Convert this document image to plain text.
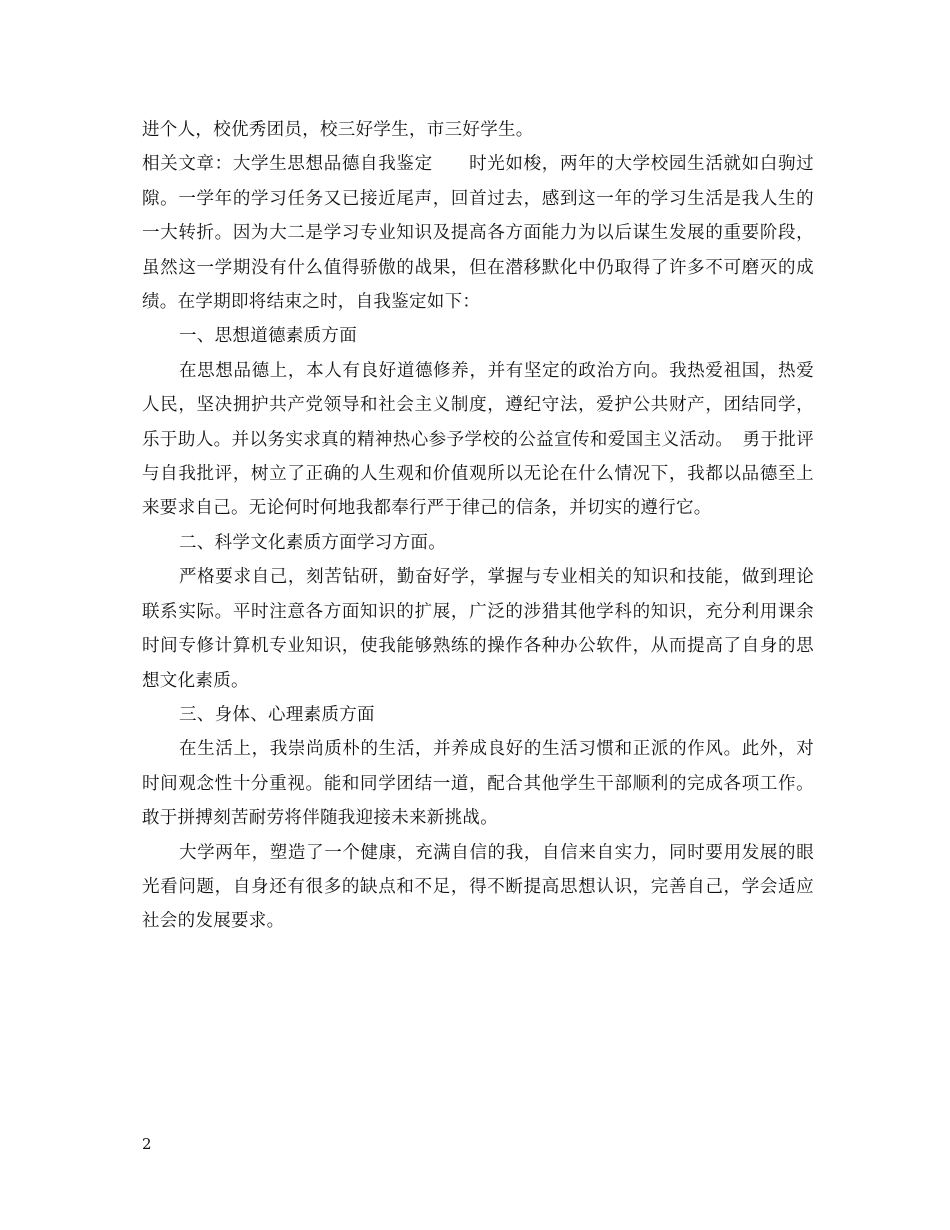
进个人，校优秀团员，校三好学生，市三好学生。

相关文章：大学生思想品德自我鉴定　　时光如梭，两年的大学校园生活就如白驹过隙。一学年的学习任务又已接近尾声，回首过去，感到这一年的学习生活是我人生的一大转折。因为大二是学习专业知识及提高各方面能力为以后谋生发展的重要阶段，虽然这一学期没有什么值得骄傲的战果，但在潜移默化中仍取得了许多不可磨灭的成绩。在学期即将结束之时，自我鉴定如下：

一、思想道德素质方面

在思想品德上，本人有良好道德修养，并有坚定的政治方向。我热爱祖国，热爱人民，坚决拥护共产党领导和社会主义制度，遵纪守法，爱护公共财产，团结同学，乐于助人。并以务实求真的精神热心参予学校的公益宣传和爱国主义活动。　勇于批评与自我批评，树立了正确的人生观和价值观所以无论在什么情况下，我都以品德至上来要求自己。无论何时何地我都奉行严于律己的信条，并切实的遵行它。

二、科学文化素质方面学习方面。

严格要求自己，刻苦钻研，勤奋好学，掌握与专业相关的知识和技能，做到理论联系实际。平时注意各方面知识的扩展，广泛的涉猎其他学科的知识，充分利用课余时间专修计算机专业知识，使我能够熟练的操作各种办公软件，从而提高了自身的思想文化素质。

三、身体、心理素质方面

在生活上，我崇尚质朴的生活，并养成良好的生活习惯和正派的作风。此外，对时间观念性十分重视。能和同学团结一道，配合其他学生干部顺利的完成各项工作。敢于拼搏刻苦耐劳将伴随我迎接未来新挑战。

大学两年，塑造了一个健康，充满自信的我，自信来自实力，同时要用发展的眼光看问题，自身还有很多的缺点和不足，得不断提高思想认识，完善自己，学会适应社会的发展要求。

2
